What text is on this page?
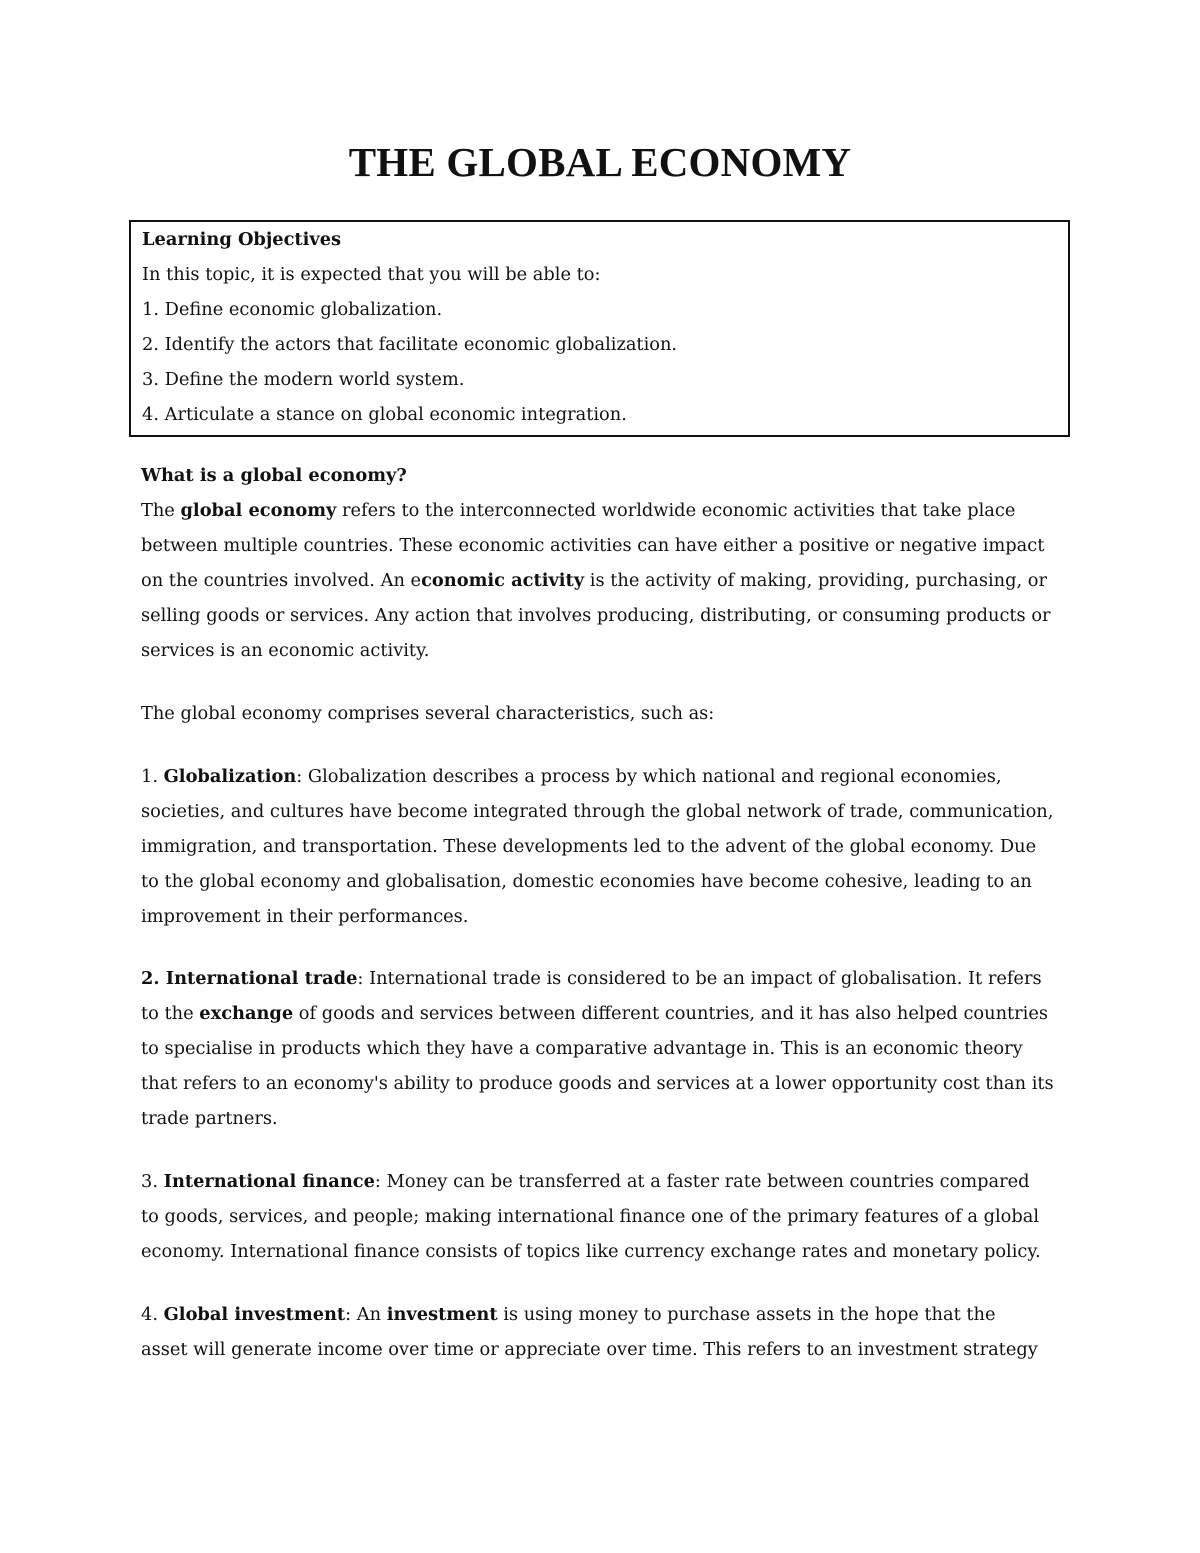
THE GLOBAL ECONOMY
Learning Objectives
In this topic, it is expected that you will be able to:
1. Define economic globalization.
2. Identify the actors that facilitate economic globalization.
3. Define the modern world system.
4. Articulate a stance on global economic integration.
What is a global economy?

The global economy refers to the interconnected worldwide economic activities that take place
between multiple countries. These economic activities can have either a positive or negative impact
on the countries involved. An economic activity is the activity of making, providing, purchasing, or
selling goods or services. Any action that involves producing, distributing, or consuming products or
services is an economic activity.

The global economy comprises several characteristics, such as:

1. Globalization: Globalization describes a process by which national and regional economies,
societies, and cultures have become integrated through the global network of trade, communication,
immigration, and transportation. These developments led to the advent of the global economy. Due
to the global economy and globalisation, domestic economies have become cohesive, leading to an
improvement in their performances.

2. International trade: International trade is considered to be an impact of globalisation. It refers
to the exchange of goods and services between different countries, and it has also helped countries
to specialise in products which they have a comparative advantage in. This is an economic theory
that refers to an economy's ability to produce goods and services at a lower opportunity cost than its
trade partners.

3. International finance: Money can be transferred at a faster rate between countries compared
to goods, services, and people; making international finance one of the primary features of a global
economy. International finance consists of topics like currency exchange rates and monetary policy.

4. Global investment: An investment is using money to purchase assets in the hope that the
asset will generate income over time or appreciate over time. This refers to an investment strategy
